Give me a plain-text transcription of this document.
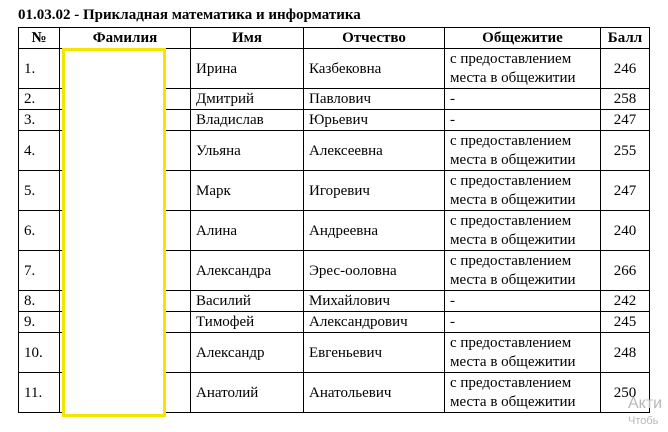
01.03.02 - Прикладная математика и информатика
№	Фамилия	Имя	Отчество	Общежитие	Балл
1.		Ирина	Казбековна	с предоставлением
места в общежитии	246
2.		Дмитрий	Павлович	-	258
3.		Владислав	Юрьевич	-	247
4.		Ульяна	Алексеевна	с предоставлением
места в общежитии	255
5.		Марк	Игоревич	с предоставлением
места в общежитии	247
6.		Алина	Андреевна	с предоставлением
места в общежитии	240
7.		Александра	Эрес-ооловна	с предоставлением
места в общежитии	266
8.		Василий	Михайлович	-	242
9.		Тимофей	Александрович	-	245
10.		Александр	Евгеньевич	с предоставлением
места в общежитии	248
11.		Анатолий	Анатольевич	с предоставлением
места в общежитии	250
Акти
Чтобь
